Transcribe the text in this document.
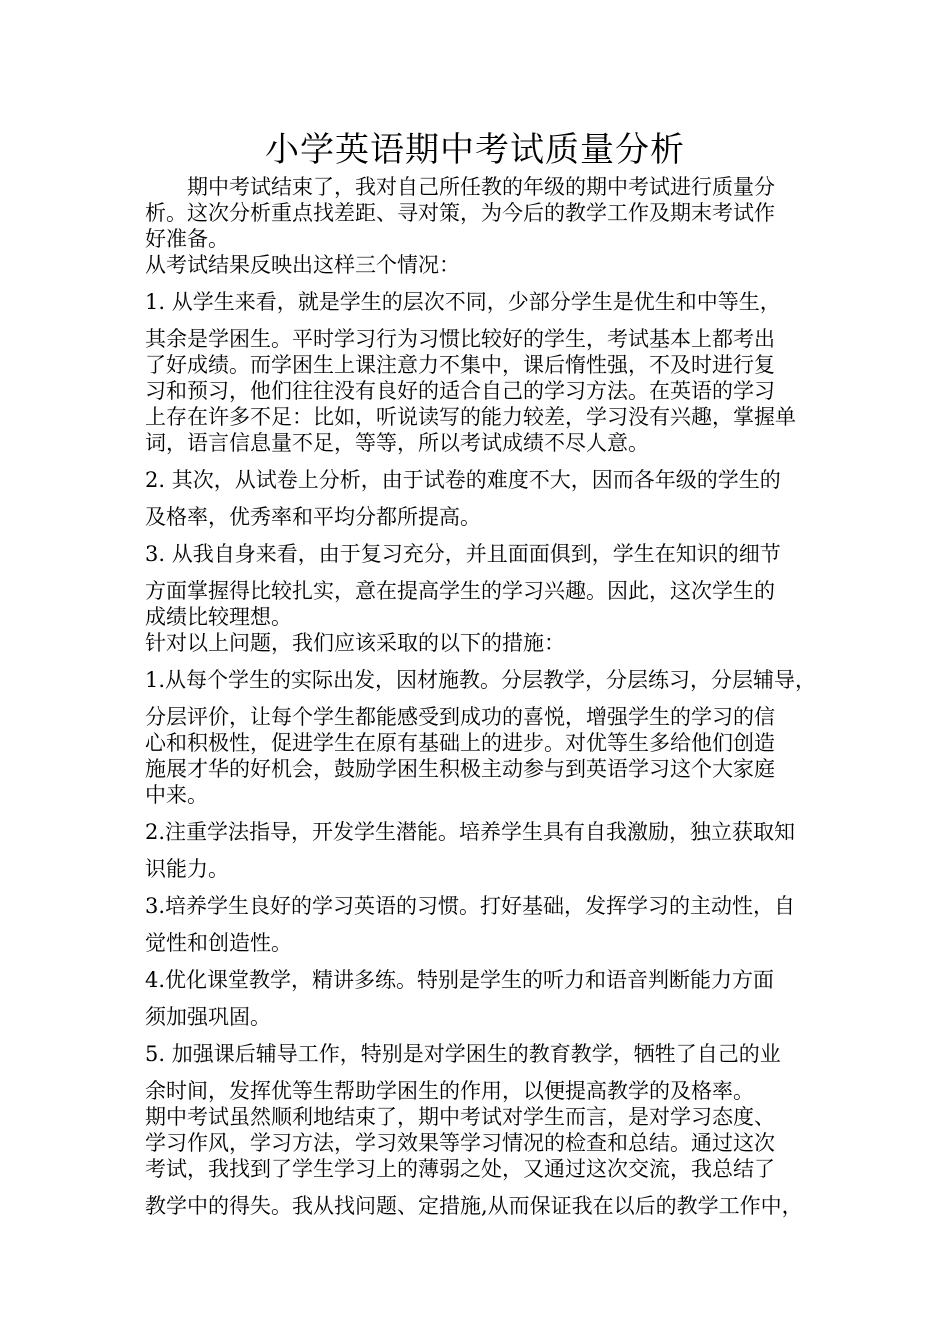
小学英语期中考试质量分析
　　期中考试结束了，我对自己所任教的年级的期中考试进行质量分
析。这次分析重点找差距、寻对策，为今后的教学工作及期末考试作
好准备。
从考试结果反映出这样三个情况：
1. 从学生来看，就是学生的层次不同，少部分学生是优生和中等生，
其余是学困生。平时学习行为习惯比较好的学生，考试基本上都考出
了好成绩。而学困生上课注意力不集中，课后惰性强，不及时进行复
习和预习，他们往往没有良好的适合自己的学习方法。在英语的学习
上存在许多不足：比如，听说读写的能力较差，学习没有兴趣，掌握单
词，语言信息量不足，等等，所以考试成绩不尽人意。
2. 其次，从试卷上分析，由于试卷的难度不大，因而各年级的学生的
及格率，优秀率和平均分都所提高。
3. 从我自身来看，由于复习充分，并且面面俱到，学生在知识的细节
方面掌握得比较扎实，意在提高学生的学习兴趣。因此，这次学生的
成绩比较理想。
针对以上问题，我们应该采取的以下的措施：
1.从每个学生的实际出发，因材施教。分层教学，分层练习，分层辅导，
分层评价，让每个学生都能感受到成功的喜悦，增强学生的学习的信
心和积极性，促进学生在原有基础上的进步。对优等生多给他们创造
施展才华的好机会，鼓励学困生积极主动参与到英语学习这个大家庭
中来。
2.注重学法指导，开发学生潜能。培养学生具有自我激励，独立获取知
识能力。
3.培养学生良好的学习英语的习惯。打好基础，发挥学习的主动性，自
觉性和创造性。
4.优化课堂教学，精讲多练。特别是学生的听力和语音判断能力方面
须加强巩固。
5. 加强课后辅导工作，特别是对学困生的教育教学，牺牲了自己的业
余时间，发挥优等生帮助学困生的作用，以便提高教学的及格率。
期中考试虽然顺利地结束了，期中考试对学生而言，是对学习态度、
学习作风，学习方法，学习效果等学习情况的检查和总结。通过这次
考试，我找到了学生学习上的薄弱之处，又通过这次交流，我总结了
教学中的得失。我从找问题、定措施,从而保证我在以后的教学工作中，
